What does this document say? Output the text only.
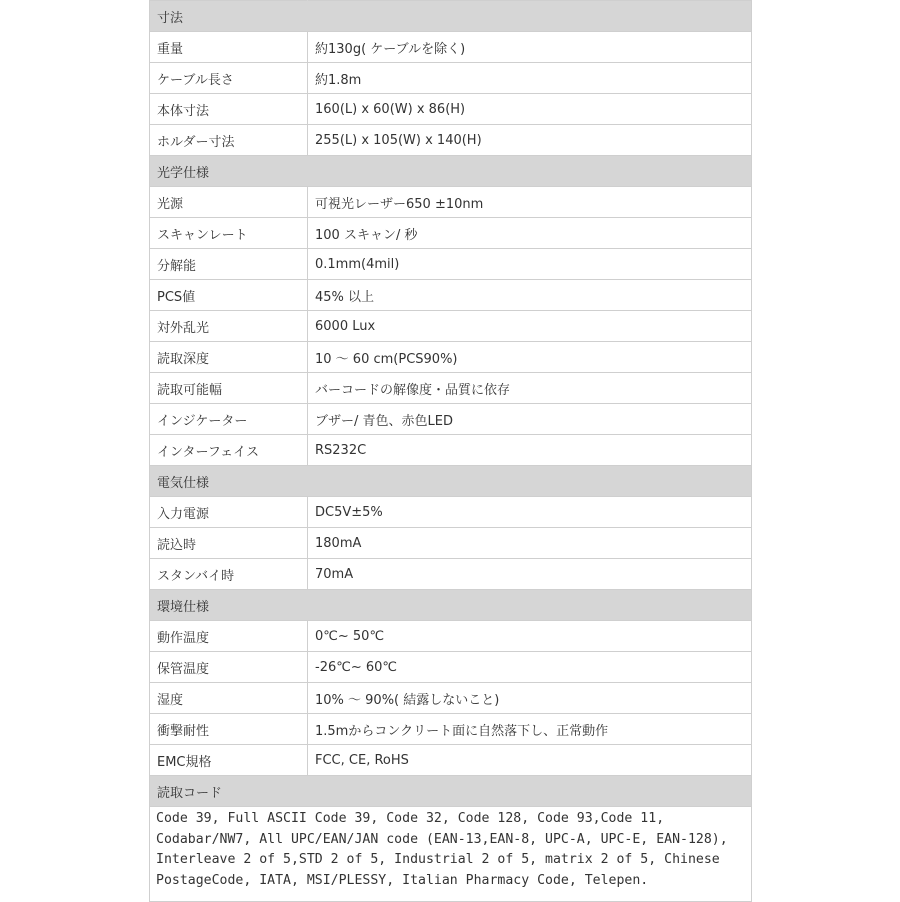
寸法	
重量	約130g( ケーブルを除く)
ケーブル長さ	約1.8m
本体寸法	160(L) x 60(W) x 86(H)
ホルダー寸法	255(L) x 105(W) x 140(H)
光学仕様	
光源	可視光レーザー650 ±10nm
スキャンレート	100 スキャン/ 秒
分解能	0.1mm(4mil)
PCS値	45% 以上
対外乱光	6000 Lux
読取深度	10 ～ 60 cm(PCS90%)
読取可能幅	バーコードの解像度・品質に依存
インジケーター	ブザー/ 青色、赤色LED
インターフェイス	RS232C
電気仕様	
入力電源	DC5V±5%
読込時	180mA
スタンバイ時	70mA
環境仕様	
動作温度	0℃~ 50℃
保管温度	-26℃~ 60℃
湿度	10% ～ 90%( 結露しないこと)
衝撃耐性	1.5mからコンクリート面に自然落下し、正常動作
EMC規格	FCC, CE, RoHS
読取コード	

Code 39, Full ASCII Code 39, Code 32, Code 128, Code 93,Code 11, Codabar/NW7, All UPC/EAN/JAN code (EAN-13,EAN-8, UPC-A, UPC-E, EAN-128), Interleave 2 of 5,STD 2 of 5, Industrial 2 of 5, matrix 2 of 5, Chinese PostageCode, IATA, MSI/PLESSY, Italian Pharmacy Code, Telepen.	
